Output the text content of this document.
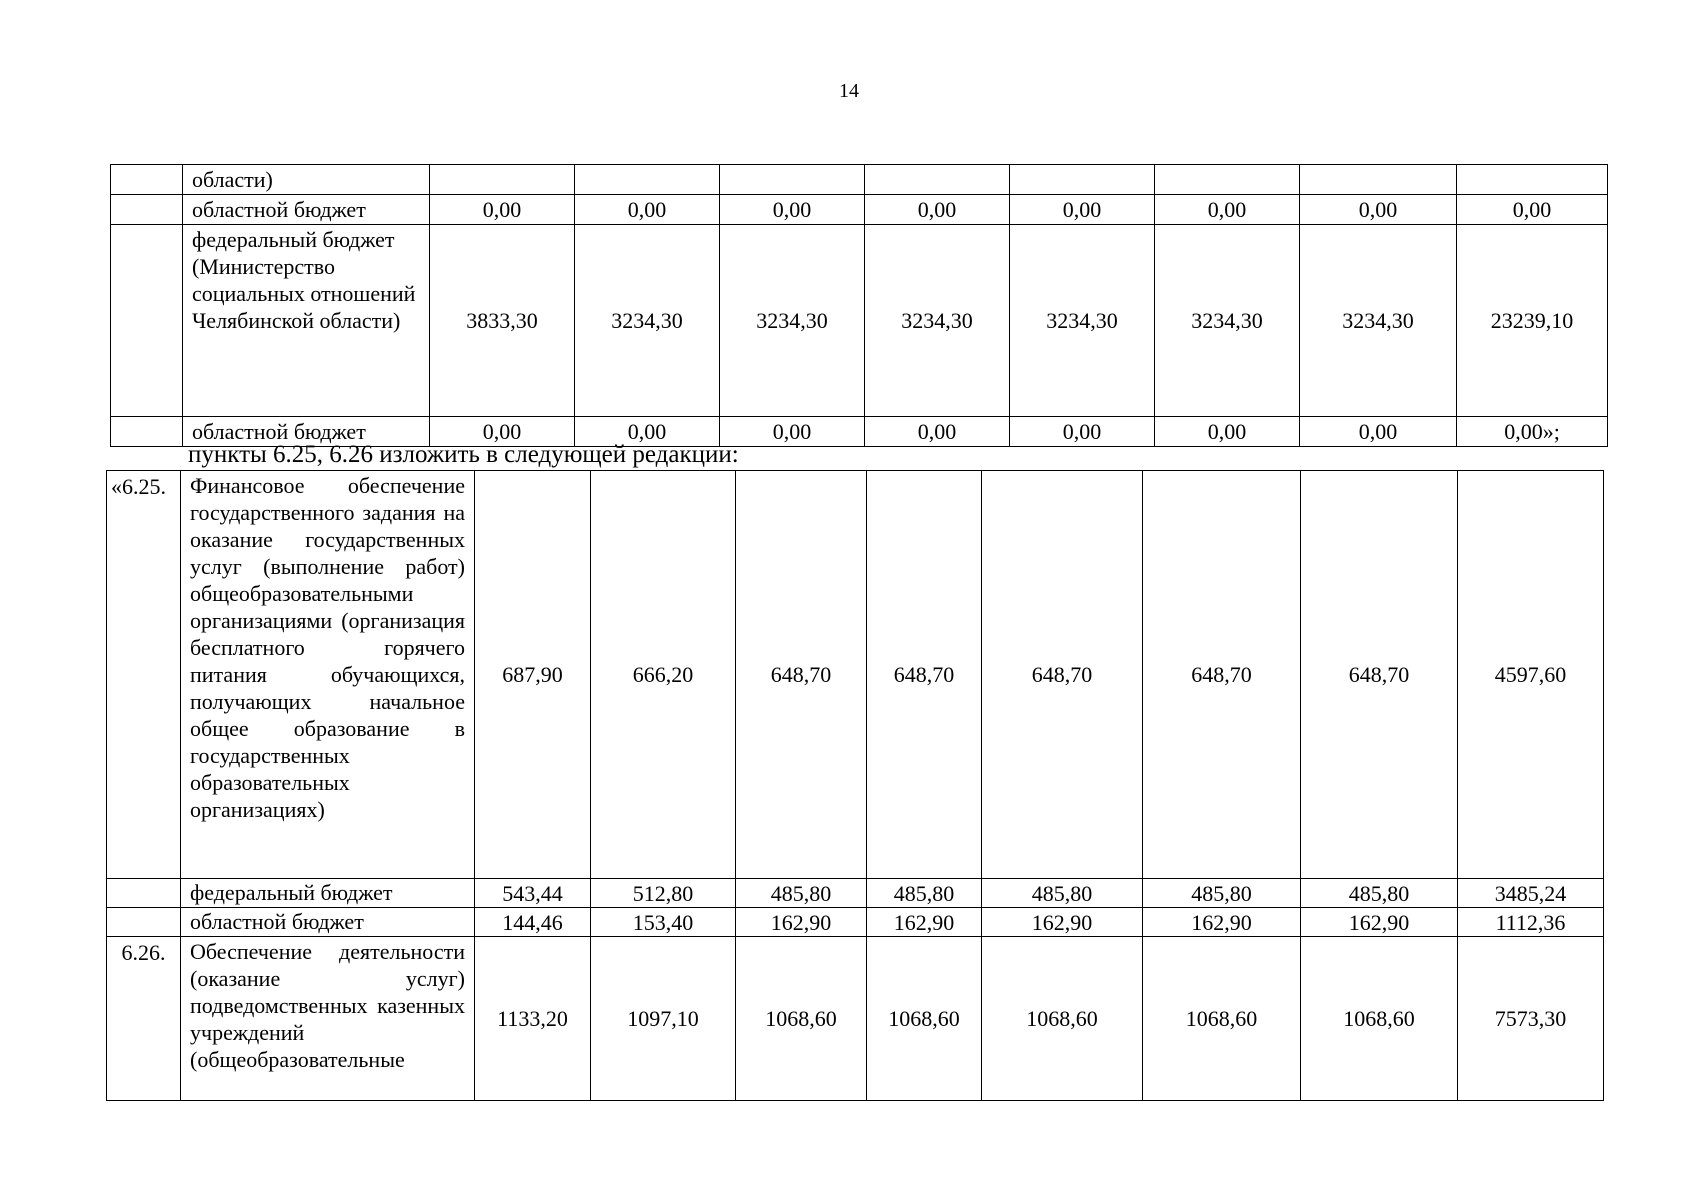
14
	области)								
	областной бюджет	0,00	0,00	0,00	0,00	0,00	0,00	0,00	0,00
	федеральный бюджет (Министерство социальных отношений Челябинской области)	3833,30	3234,30	3234,30	3234,30	3234,30	3234,30	3234,30	23239,10
	областной бюджет	0,00	0,00	0,00	0,00	0,00	0,00	0,00	0,00»;
пункты 6.25, 6.26 изложить в следующей редакции:
«6.25.	Финансовое обеспечение государственного задания на оказание государственных услуг (выполнение работ) общеобразовательными организациями (организация бесплатного горячего питания обучающихся, получающих начальное общее образование в государственных образовательных организациях)	687,90	666,20	648,70	648,70	648,70	648,70	648,70	4597,60
	федеральный бюджет	543,44	512,80	485,80	485,80	485,80	485,80	485,80	3485,24
	областной бюджет	144,46	153,40	162,90	162,90	162,90	162,90	162,90	1112,36
6.26.	Обеспечение деятельности (оказание услуг) подведомственных казенных учреждений (общеобразовательные	1133,20	1097,10	1068,60	1068,60	1068,60	1068,60	1068,60	7573,30
